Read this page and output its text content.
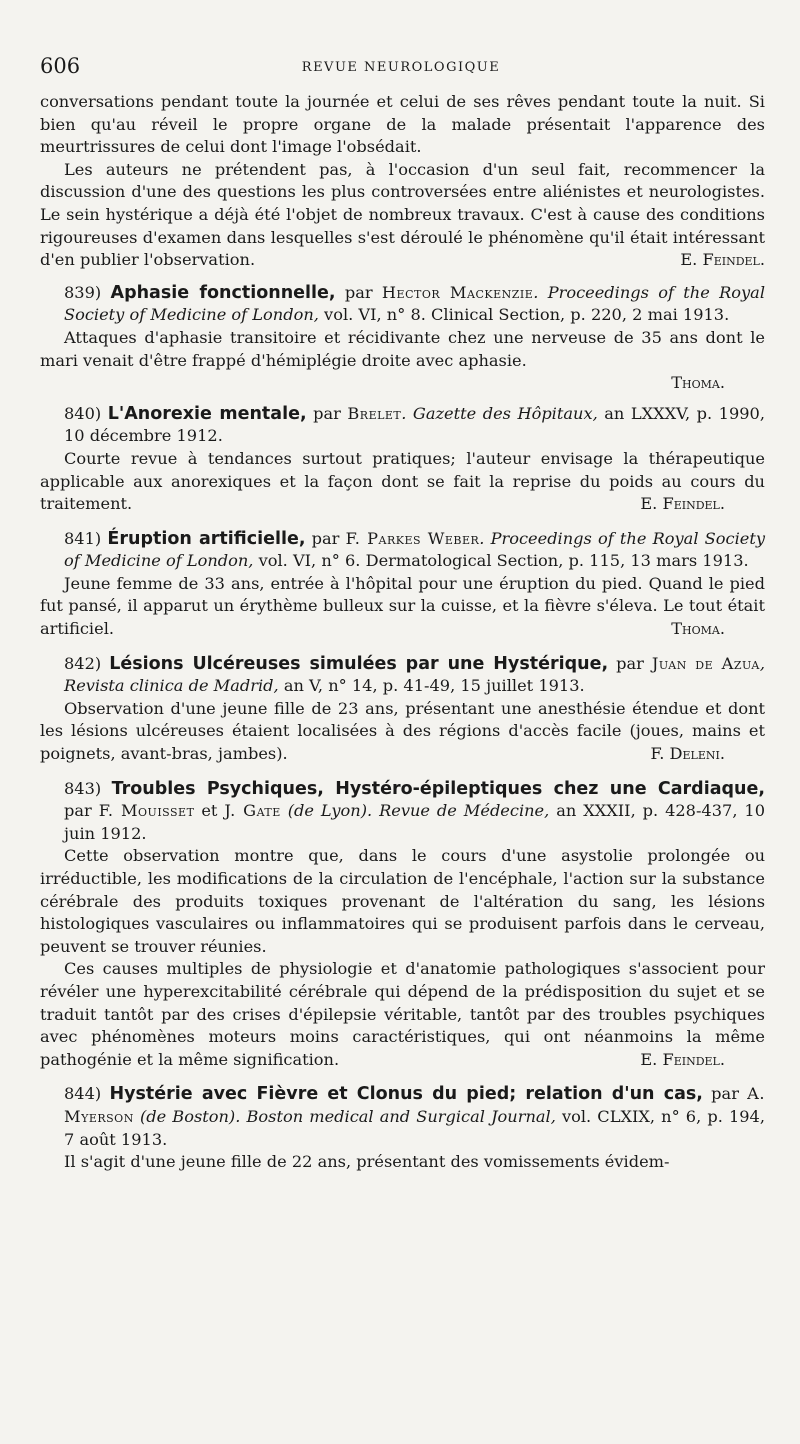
606	REVUE NEUROLOGIQUE

conversations pendant toute la journée et celui de ses rêves pendant toute la nuit. Si bien qu'au réveil le propre organe de la malade présentait l'apparence des meurtrissures de celui dont l'image l'obsédait.

Les auteurs ne prétendent pas, à l'occasion d'un seul fait, recommencer la discussion d'une des questions les plus controversées entre aliénistes et neurologistes. Le sein hystérique a déjà été l'objet de nombreux travaux. C'est à cause des conditions rigoureuses d'examen dans lesquelles s'est déroulé le phénomène qu'il était intéressant d'en publier l'observation.	E. Feindel.

839) Aphasie fonctionnelle, par Hector Mackenzie. Proceedings of the Royal Society of Medicine of London, vol. VI, n° 8. Clinical Section, p. 220, 2 mai 1913.

Attaques d'aphasie transitoire et récidivante chez une nerveuse de 35 ans dont le mari venait d'être frappé d'hémiplégie droite avec aphasie.

Thoma.

840) L'Anorexie mentale, par Brelet. Gazette des Hôpitaux, an LXXXV, p. 1990, 10 décembre 1912.

Courte revue à tendances surtout pratiques; l'auteur envisage la thérapeutique applicable aux anorexiques et la façon dont se fait la reprise du poids au cours du traitement.	E. Feindel.

841) Éruption artificielle, par F. Parkes Weber. Proceedings of the Royal Society of Medicine of London, vol. VI, n° 6. Dermatological Section, p. 115, 13 mars 1913.

Jeune femme de 33 ans, entrée à l'hôpital pour une éruption du pied. Quand le pied fut pansé, il apparut un érythème bulleux sur la cuisse, et la fièvre s'éleva. Le tout était artificiel.	Thoma.

842) Lésions Ulcéreuses simulées par une Hystérique, par Juan de Azua, Revista clinica de Madrid, an V, n° 14, p. 41-49, 15 juillet 1913.

Observation d'une jeune fille de 23 ans, présentant une anesthésie étendue et dont les lésions ulcéreuses étaient localisées à des régions d'accès facile (joues, mains et poignets, avant-bras, jambes).	F. Deleni.

843) Troubles Psychiques, Hystéro-épileptiques chez une Cardiaque, par F. Mouisset et J. Gate (de Lyon). Revue de Médecine, an XXXII, p. 428-437, 10 juin 1912.

Cette observation montre que, dans le cours d'une asystolie prolongée ou irréductible, les modifications de la circulation de l'encéphale, l'action sur la substance cérébrale des produits toxiques provenant de l'altération du sang, les lésions histologiques vasculaires ou inflammatoires qui se produisent parfois dans le cerveau, peuvent se trouver réunies.

Ces causes multiples de physiologie et d'anatomie pathologiques s'associent pour révéler une hyperexcitabilité cérébrale qui dépend de la prédisposition du sujet et se traduit tantôt par des crises d'épilepsie véritable, tantôt par des troubles psychiques avec phénomènes moteurs moins caractéristiques, qui ont néanmoins la même pathogénie et la même signification.	E. Feindel.

844) Hystérie avec Fièvre et Clonus du pied; relation d'un cas, par A. Myerson (de Boston). Boston medical and Surgical Journal, vol. CLXIX, n° 6, p. 194, 7 août 1913.

Il s'agit d'une jeune fille de 22 ans, présentant des vomissements évidem-
